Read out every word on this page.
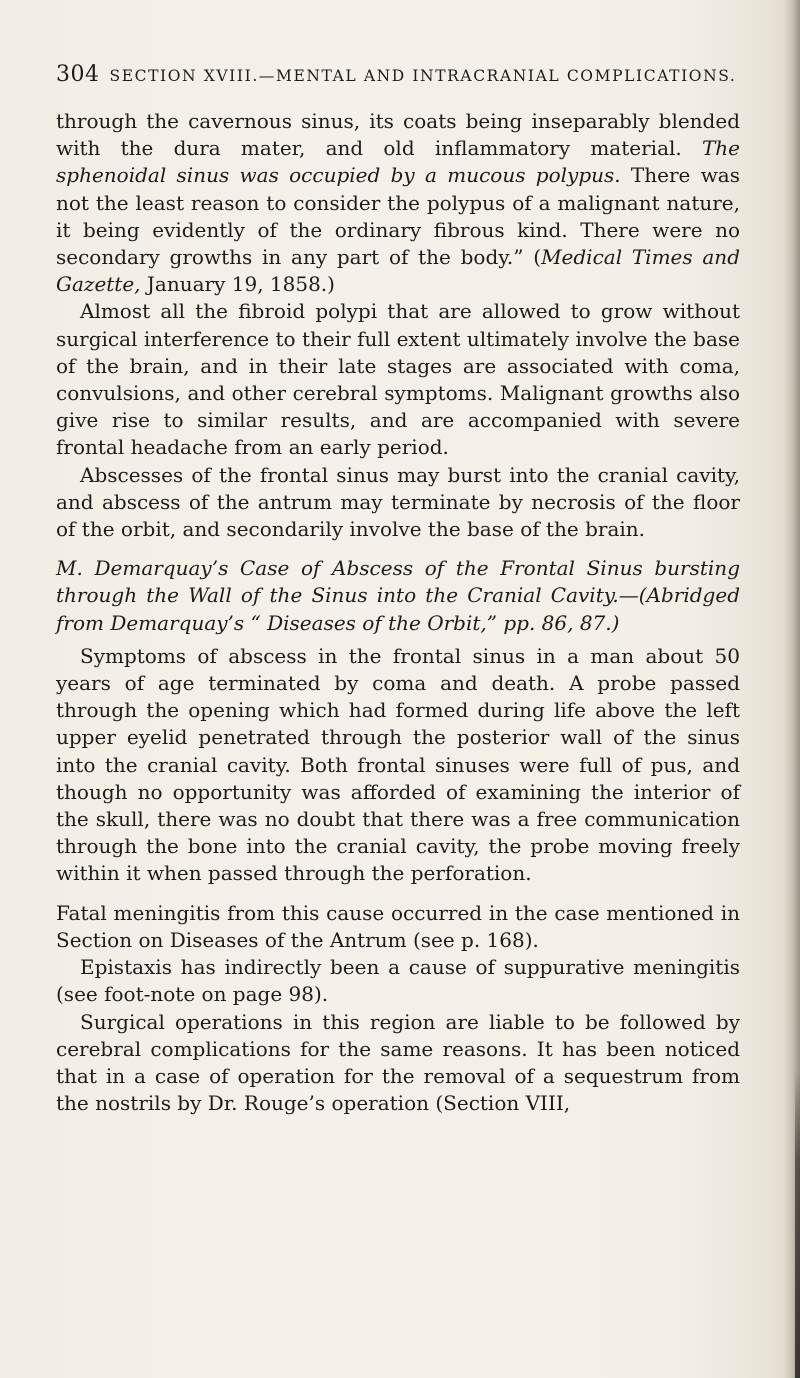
304 SECTION XVIII.—MENTAL AND INTRACRANIAL COMPLICATIONS.

through the cavernous sinus, its coats being inseparably blended with the dura mater, and old inflammatory material. The sphenoidal sinus was occupied by a mucous polypus. There was not the least reason to consider the polypus of a malignant nature, it being evidently of the ordinary fibrous kind. There were no secondary growths in any part of the body.” (Medical Times and Gazette, January 19, 1858.)

Almost all the fibroid polypi that are allowed to grow without surgical interference to their full extent ultimately involve the base of the brain, and in their late stages are associated with coma, convulsions, and other cerebral symptoms. Malignant growths also give rise to similar results, and are accompanied with severe frontal headache from an early period.

Abscesses of the frontal sinus may burst into the cranial cavity, and abscess of the antrum may terminate by necrosis of the floor of the orbit, and secondarily involve the base of the brain.

M. Demarquay’s Case of Abscess of the Frontal Sinus bursting through the Wall of the Sinus into the Cranial Cavity.—(Abridged from Demarquay’s “ Diseases of the Orbit,” pp. 86, 87.)

Symptoms of abscess in the frontal sinus in a man about 50 years of age terminated by coma and death. A probe passed through the opening which had formed during life above the left upper eyelid penetrated through the posterior wall of the sinus into the cranial cavity. Both frontal sinuses were full of pus, and though no opportunity was afforded of examining the interior of the skull, there was no doubt that there was a free communication through the bone into the cranial cavity, the probe moving freely within it when passed through the perforation.

Fatal meningitis from this cause occurred in the case mentioned in Section on Diseases of the Antrum (see p. 168).

Epistaxis has indirectly been a cause of suppurative meningitis (see foot-note on page 98).

Surgical operations in this region are liable to be followed by cerebral complications for the same reasons. It has been noticed that in a case of operation for the removal of a sequestrum from the nostrils by Dr. Rouge’s operation (Section VIII,
